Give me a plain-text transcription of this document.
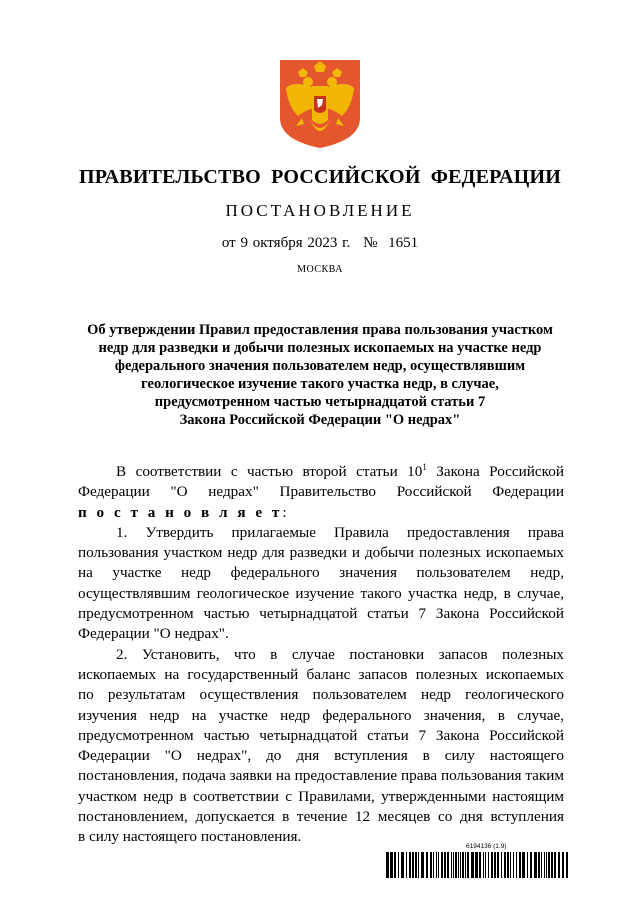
ПРАВИТЕЛЬСТВО РОССИЙСКОЙ ФЕДЕРАЦИИ
ПОСТАНОВЛЕНИЕ
от 9 октября 2023 г. № 1651
МОСКВА
Об утверждении Правил предоставления права пользования участком
недр для разведки и добычи полезных ископаемых на участке недр
федерального значения пользователем недр, осуществлявшим
геологическое изучение такого участка недр, в случае,
предусмотренном частью четырнадцатой статьи 7
Закона Российской Федерации "О недрах"
В соответствии с частью второй статьи $10^1$ Закона Российской
Федерации "О недрах" Правительство Российской Федерации
п о с т а н о в л я е т:
1. Утвердить прилагаемые Правила предоставления права
пользования участком недр для разведки и добычи полезных ископаемых
на участке недр федерального значения пользователем недр,
осуществлявшим геологическое изучение такого участка недр, в случае,
предусмотренном частью четырнадцатой статьи 7 Закона Российской
Федерации "О недрах".
2. Установить, что в случае постановки запасов полезных
ископаемых на государственный баланс запасов полезных ископаемых
по результатам осуществления пользователем недр геологического
изучения недр на участке недр федерального значения, в случае,
предусмотренном частью четырнадцатой статьи 7 Закона Российской
Федерации "О недрах", до дня вступления в силу настоящего
постановления, подача заявки на предоставление права пользования таким
участком недр в соответствии с Правилами, утвержденными настоящим
постановлением, допускается в течение 12 месяцев со дня вступления
в силу настоящего постановления.
6194136 (1.9)
